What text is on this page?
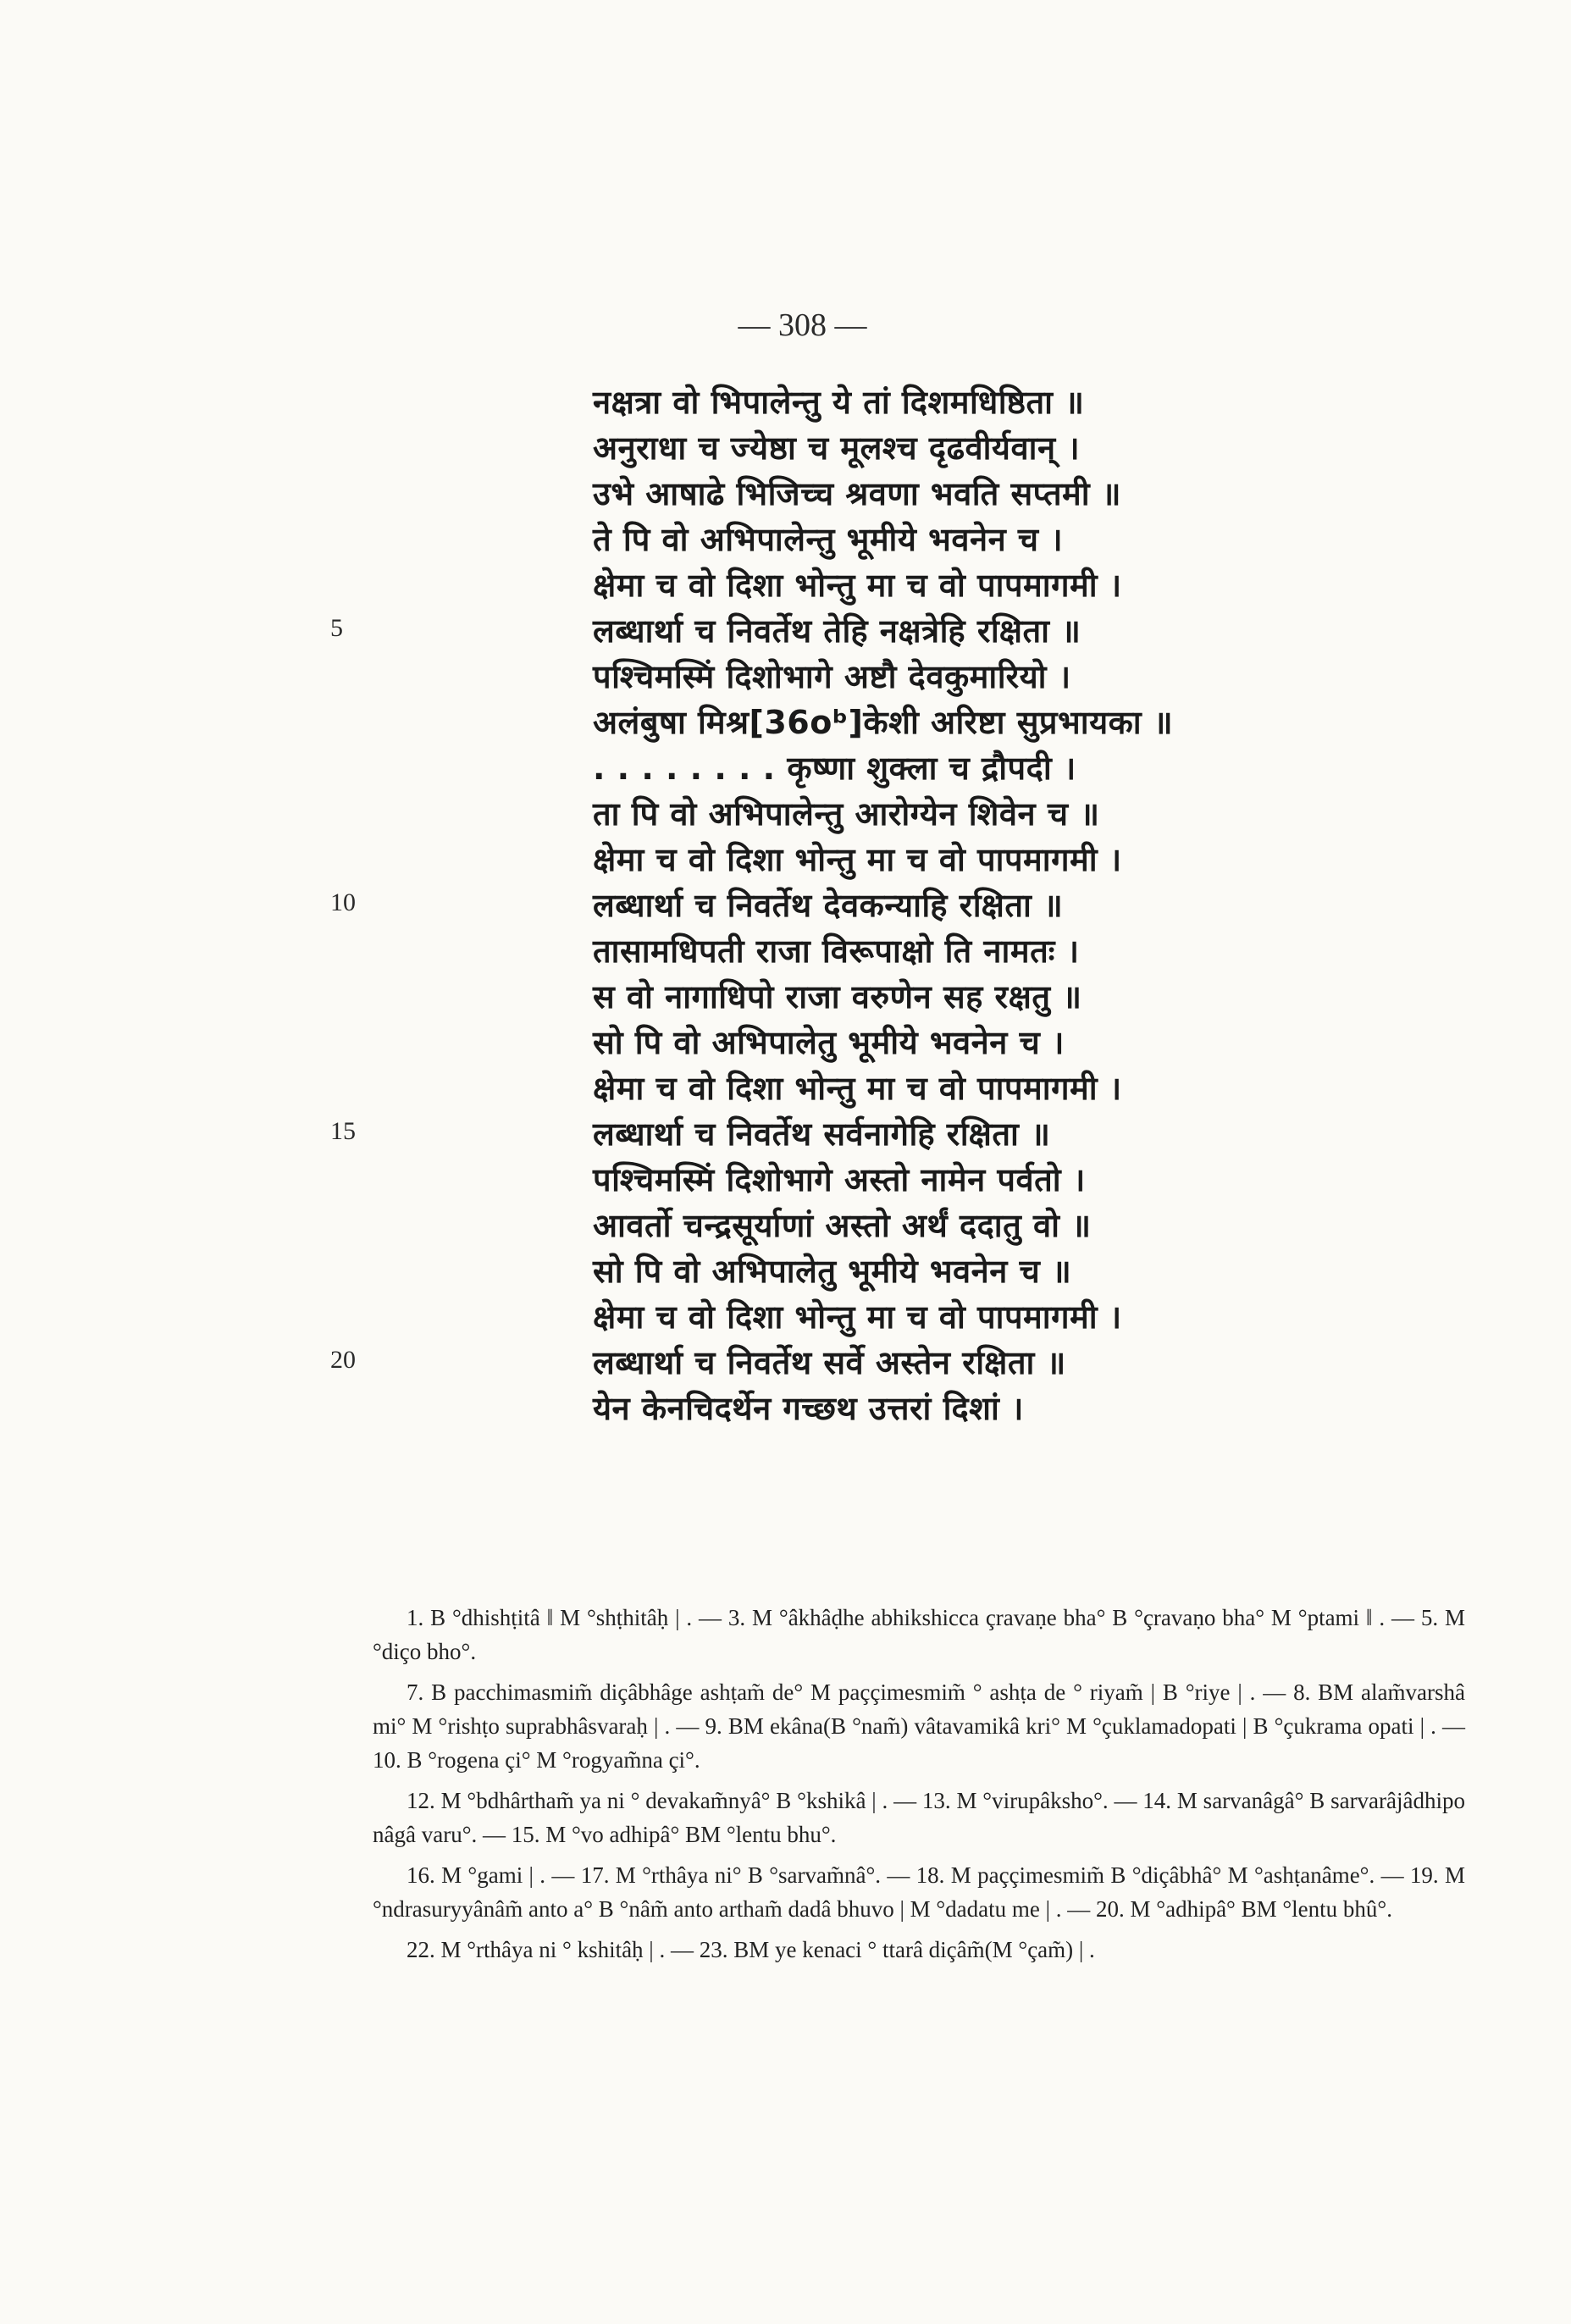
— 308 —
5
10
15
20
नक्षत्रा वो भिपालेन्तु ये तां दिशमधिष्ठिता ॥
अनुराधा च ज्येष्ठा च मूलश्च दृढवीर्यवान् ।
उभे आषाढे भिजिच्च श्रवणा भवति सप्तमी ॥
ते पि वो अभिपालेन्तु भूमीये भवनेन च ।
क्षेमा च वो दिशा भोन्तु मा च वो पापमागमी ।
लब्धार्था च निवर्तेथ तेहि नक्षत्रेहि रक्षिता ॥
पश्चिमस्मिं दिशोभागे अष्टौ देवकुमारियो ।
अलंबुषा मिश्र[36oᵇ]केशी अरिष्टा सुप्रभायका ॥
. . . . . . . . कृष्णा शुक्ला च द्रौपदी ।
ता पि वो अभिपालेन्तु आरोग्येन शिवेन च ॥
क्षेमा च वो दिशा भोन्तु मा च वो पापमागमी ।
लब्धार्था च निवर्तेथ देवकन्याहि रक्षिता ॥
तासामधिपती राजा विरूपाक्षो ति नामतः ।
स वो नागाधिपो राजा वरुणेन सह रक्षतु ॥
सो पि वो अभिपालेतु भूमीये भवनेन च ।
क्षेमा च वो दिशा भोन्तु मा च वो पापमागमी ।
लब्धार्था च निवर्तेथ सर्वनागेहि रक्षिता ॥
पश्चिमस्मिं दिशोभागे अस्तो नामेन पर्वतो ।
आवर्तो चन्द्रसूर्याणां अस्तो अर्थं ददातु वो ॥
सो पि वो अभिपालेतु भूमीये भवनेन च ॥
क्षेमा च वो दिशा भोन्तु मा च वो पापमागमी ।
लब्धार्था च निवर्तेथ सर्वे अस्तेन रक्षिता ॥
येन केनचिदर्थेन गच्छथ उत्तरां दिशां ।

1. B °dhishṭitâ ‖ M °shṭhitâḥ | . — 3. M °âkhâḍhe abhikshicca çravaṇe bha° B °çravaṇo bha° M °ptami ‖ . — 5. M °diço bho°.

7. B pacchimasmim̃ diçâbhâge ashṭam̃ de° M paççimesmim̃ ° ashṭa de ° riyam̃ | B °riye | . — 8. BM alam̃varshâ mi° M °rishṭo suprabhâsvaraḥ | . — 9. BM ekâna(B °nam̃) vâtavamikâ kri° M °çuklamadopati | B °çukrama opati | . — 10. B °rogena çi° M °rogyam̃na çi°.

12. M °bdhârtham̃ ya ni ° devakam̃nyâ° B °kshikâ | . — 13. M °virupâksho°. — 14. M sarvanâgâ° B sarvarâjâdhipo nâgâ varu°. — 15. M °vo adhipâ° BM °lentu bhu°.

16. M °gami | . — 17. M °rthâya ni° B °sarvam̃nâ°. — 18. M paççimesmim̃ B °diçâbhâ° M °ashṭanâme°. — 19. M °ndrasuryyânâm̃ anto a° B °nâm̃ anto artham̃ dadâ bhuvo | M °dadatu me | . — 20. M °adhipâ° BM °lentu bhû°.

22. M °rthâya ni ° kshitâḥ | . — 23. BM ye kenaci ° ttarâ diçâm̃(M °çam̃) | .
